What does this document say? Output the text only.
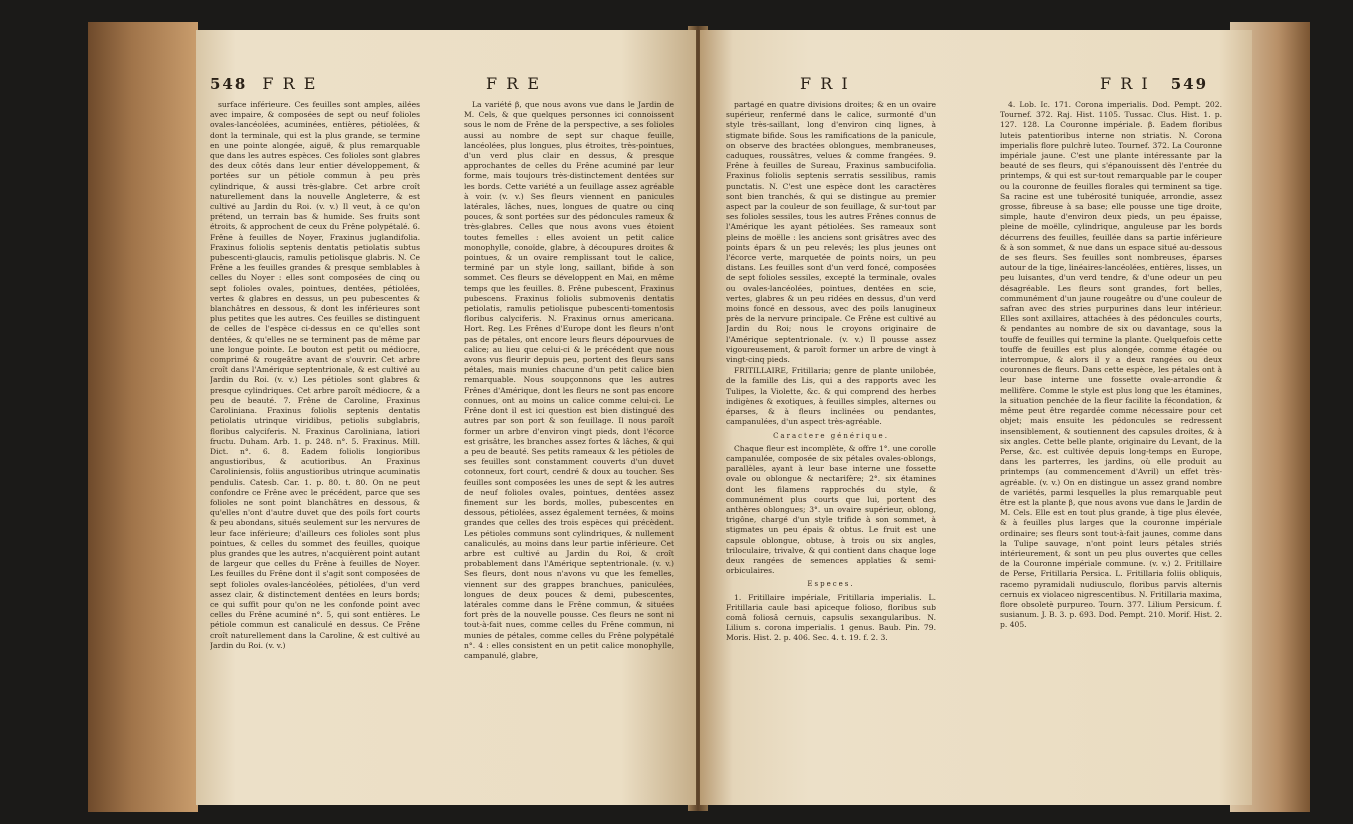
548 F R E	F R E

surface inférieure. Ces feuilles sont amples, ailées avec impaire, & composées de sept ou neuf folioles ovales-lancéolées, acuminées, entières, pétiolées, & dont la terminale, qui est la plus grande, se termine en une pointe alongée, aiguë, & plus remarquable que dans les autres espèces. Ces folioles sont glabres des deux côtés dans leur entier développement, & portées sur un pétiole commun à peu près cylindrique, & aussi très-glabre. Cet arbre croît naturellement dans la nouvelle Angleterre, & est cultivé au Jardin du Roi. (v. v.) Il veut, à ce qu'on prétend, un terrain bas & humide. Ses fruits sont étroits, & approchent de ceux du Frêne polypétalé. 6. Frêne à feuilles de Noyer, Fraxinus juglandifolia. Fraxinus foliolis septenis dentatis petiolatis subtus pubescenti-glaucis, ramulis petiolisque glabris. N. Ce Frêne a les feuilles grandes & presque semblables à celles du Noyer : elles sont composées de cinq ou sept folioles ovales, pointues, dentées, pétiolées, vertes & glabres en dessus, un peu pubescentes & blanchâtres en dessous, & dont les inférieures sont plus petites que les autres. Ces feuilles se distinguent de celles de l'espèce ci-dessus en ce qu'elles sont dentées, & qu'elles ne se terminent pas de même par une longue pointe. Le bouton est petit ou médiocre, comprimé & rougeâtre avant de s'ouvrir. Cet arbre croît dans l'Amérique septentrionale, & est cultivé au Jardin du Roi. (v. v.) Les pétioles sont glabres & presque cylindriques. Cet arbre paroît médiocre, & a peu de beauté. 7. Frêne de Caroline, Fraxinus Caroliniana. Fraxinus foliolis septenis dentatis petiolatis utrinque viridibus, petiolis subglabris, floribus calyciferis. N. Fraxinus Caroliniana, latiori fructu. Duham. Arb. 1. p. 248. n°. 5. Fraxinus. Mill. Dict. n°. 6. 8. Eadem foliolis longioribus angustioribus, & acutioribus. An Fraxinus Caroliniensis, foliis angustioribus utrinque acuminatis pendulis. Catesb. Car. 1. p. 80. t. 80. On ne peut confondre ce Frêne avec le précédent, parce que ses folioles ne sont point blanchâtres en dessous, & qu'elles n'ont d'autre duvet que des poils fort courts & peu abondans, situés seulement sur les nervures de leur face inférieure; d'ailleurs ces folioles sont plus pointues, & celles du sommet des feuilles, quoique plus grandes que les autres, n'acquièrent point autant de largeur que celles du Frêne à feuilles de Noyer. Les feuilles du Frêne dont il s'agit sont composées de sept folioles ovales-lancéolées, pétiolées, d'un verd assez clair, & distinctement dentées en leurs bords; ce qui suffit pour qu'on ne les confonde point avec celles du Frêne acuminé n°. 5, qui sont entières. Le pétiole commun est canaliculé en dessus. Ce Frêne croît naturellement dans la Caroline, & est cultivé au Jardin du Roi. (v. v.)

La variété β, que nous avons vue dans le Jardin de M. Cels, & que quelques personnes ici connoissent sous le nom de Frêne de la perspective, a ses folioles aussi au nombre de sept sur chaque feuille, lancéolées, plus longues, plus étroites, très-pointues, d'un verd plus clair en dessus, & presque approchantes de celles du Frêne acuminé par leur forme, mais toujours très-distinctement dentées sur les bords. Cette variété a un feuillage assez agréable à voir. (v. v.) Ses fleurs viennent en panicules latérales, lâches, nues, longues de quatre ou cinq pouces, & sont portées sur des pédoncules rameux & très-glabres. Celles que nous avons vues étoient toutes femelles : elles avoient un petit calice monophylle, conoïde, glabre, à découpures droites & pointues, & un ovaire remplissant tout le calice, terminé par un style long, saillant, bifide à son sommet. Ces fleurs se développent en Mai, en même temps que les feuilles. 8. Frêne pubescent, Fraxinus pubescens. Fraxinus foliolis submovenis dentatis petiolatis, ramulis petiolisque pubescenti-tomentosis floribus calyciferis. N. Fraxinus ornus americana. Hort. Reg. Les Frênes d'Europe dont les fleurs n'ont pas de pétales, ont encore leurs fleurs dépourvues de calice; au lieu que celui-ci & le précédent que nous avons vus fleurir depuis peu, portent des fleurs sans pétales, mais munies chacune d'un petit calice bien remarquable. Nous soupçonnons que les autres Frênes d'Amérique, dont les fleurs ne sont pas encore connues, ont au moins un calice comme celui-ci. Le Frêne dont il est ici question est bien distingué des autres par son port & son feuillage. Il nous paroît former un arbre d'environ vingt pieds, dont l'écorce est grisâtre, les branches assez fortes & lâches, & qui a peu de beauté. Ses petits rameaux & les pétioles de ses feuilles sont constamment couverts d'un duvet cotonneux, fort court, cendré & doux au toucher. Ses feuilles sont composées les unes de sept & les autres de neuf folioles ovales, pointues, dentées assez finement sur les bords, molles, pubescentes en dessous, pétiolées, assez également ternées, & moins grandes que celles des trois espèces qui précèdent. Les pétioles communs sont cylindriques, & nullement canaliculés, au moins dans leur partie inférieure. Cet arbre est cultivé au Jardin du Roi, & croît probablement dans l'Amérique septentrionale. (v. v.) Ses fleurs, dont nous n'avons vu que les femelles, viennent sur des grappes branchues, paniculées, longues de deux pouces & demi, pubescentes, latérales comme dans le Frêne commun, & situées fort près de la nouvelle pousse. Ces fleurs ne sont ni tout-à-fait nues, comme celles du Frêne commun, ni munies de pétales, comme celles du Frêne polypétalé n°. 4 : elles consistent en un petit calice monophylle, campanulé, glabre,

F R I	F R I 549

partagé en quatre divisions droites; & en un ovaire supérieur, renfermé dans le calice, surmonté d'un style très-saillant, long d'environ cinq lignes, à stigmate bifide. Sous les ramifications de la panicule, on observe des bractées oblongues, membraneuses, caduques, roussâtres, velues & comme frangées. 9. Frêne à feuilles de Sureau, Fraxinus sambucifolia. Fraxinus foliolis septenis serratis sessilibus, ramis punctatis. N. C'est une espèce dont les caractères sont bien tranchés, & qui se distingue au premier aspect par la couleur de son feuillage, & sur-tout par ses folioles sessiles, tous les autres Frênes connus de l'Amérique les ayant pétiolées. Ses rameaux sont pleins de moëlle : les anciens sont grisâtres avec des points épars & un peu relevés; les plus jeunes ont l'écorce verte, marquetée de points noirs, un peu distans. Les feuilles sont d'un verd foncé, composées de sept folioles sessiles, excepté la terminale, ovales ou ovales-lancéolées, pointues, dentées en scie, vertes, glabres & un peu ridées en dessus, d'un verd moins foncé en dessous, avec des poils lanugineux près de la nervure principale. Ce Frêne est cultivé au Jardin du Roi; nous le croyons originaire de l'Amérique septentrionale. (v. v.) Il pousse assez vigoureusement, & paroît former un arbre de vingt à vingt-cinq pieds.

FRITILLAIRE, Fritillaria; genre de plante unilobée, de la famille des Lis, qui a des rapports avec les Tulipes, la Violette, &c. & qui comprend des herbes indigènes & exotiques, à feuilles simples, alternes ou éparses, & à fleurs inclinées ou pendantes, campanulées, d'un aspect très-agréable.

Caractere générique.

Chaque fleur est incomplète, & offre 1°. une corolle campanulée, composée de six pétales ovales-oblongs, parallèles, ayant à leur base interne une fossette ovale ou oblongue & nectarifère; 2°. six étamines dont les filamens rapprochés du style, & communément plus courts que lui, portent des anthères oblongues; 3°. un ovaire supérieur, oblong, trigône, chargé d'un style trifide à son sommet, à stigmates un peu épais & obtus. Le fruit est une capsule oblongue, obtuse, à trois ou six angles, triloculaire, trivalve, & qui contient dans chaque loge deux rangées de semences applaties & semi-orbiculaires.

Especes.

1. Fritillaire impériale, Fritillaria imperialis. L. Fritillaria caule basi apiceque folioso, floribus sub comâ foliosâ cernuis, capsulis sexangularibus. N. Lilium s. corona imperialis. 1 genus. Baub. Pin. 79. Moris. Hist. 2. p. 406. Sec. 4. t. 19. f. 2. 3.

4. Lob. Ic. 171. Corona imperialis. Dod. Pempt. 202. Tournef. 372. Raj. Hist. 1105. Tussac. Clus. Hist. 1. p. 127. 128. La Couronne impériale. β. Eadem floribus luteis patentioribus interne non striatis. N. Corona imperialis flore pulchrè luteo. Tournef. 372. La Couronne impériale jaune. C'est une plante intéressante par la beauté de ses fleurs, qui s'épanouissent dès l'entrée du printemps, & qui est sur-tout remarquable par le couper ou la couronne de feuilles florales qui terminent sa tige. Sa racine est une tubérosité tuniquée, arrondie, assez grosse, fibreuse à sa base; elle pousse une tige droite, simple, haute d'environ deux pieds, un peu épaisse, pleine de moëlle, cylindrique, anguleuse par les bords décurrens des feuilles, feuillée dans sa partie inférieure & à son sommet, & nue dans un espace situé au-dessous de ses fleurs. Ses feuilles sont nombreuses, éparses autour de la tige, linéaires-lancéolées, entières, lisses, un peu luisantes, d'un verd tendre, & d'une odeur un peu désagréable. Les fleurs sont grandes, fort belles, communément d'un jaune rougeâtre ou d'une couleur de safran avec des stries purpurines dans leur intérieur. Elles sont axillaires, attachées à des pédoncules courts, & pendantes au nombre de six ou davantage, sous la touffe de feuilles qui termine la plante. Quelquefois cette touffe de feuilles est plus alongée, comme étagée ou interrompue, & alors il y a deux rangées ou deux couronnes de fleurs. Dans cette espèce, les pétales ont à leur base interne une fossette ovale-arrondie & mellifère. Comme le style est plus long que les étamines, la situation penchée de la fleur facilite la fécondation, & même peut être regardée comme nécessaire pour cet objet; mais ensuite les pédoncules se redressent insensiblement, & soutiennent des capsules droites, & à six angles. Cette belle plante, originaire du Levant, de la Perse, &c. est cultivée depuis long-temps en Europe, dans les parterres, les jardins, où elle produit au printemps (au commencement d'Avril) un effet très-agréable. (v. v.) On en distingue un assez grand nombre de variétés, parmi lesquelles la plus remarquable peut être est la plante β, que nous avons vue dans le Jardin de M. Cels. Elle est en tout plus grande, à tige plus élevée, & à feuilles plus larges que la couronne impériale ordinaire; ses fleurs sont tout-à-fait jaunes, comme dans la Tulipe sauvage, n'ont point leurs pétales striés intérieurement, & sont un peu plus ouvertes que celles de la Couronne impériale commune. (v. v.) 2. Fritillaire de Perse, Fritillaria Persica. L. Fritillaria foliis obliquis, racemo pyramidali nudiusculo, floribus parvis alternis cernuis ex violaceo nigrescentibus. N. Fritillaria maxima, flore obsoletè purpureo. Tourn. 377. Lilium Persicum. f. susianum. J. B. 3. p. 693. Dod. Pempt. 210. Morif. Hist. 2. p. 405.
